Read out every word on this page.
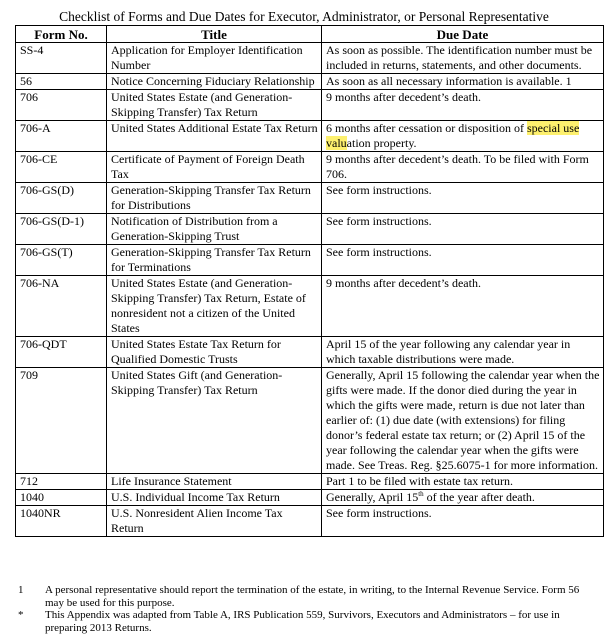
Checklist of Forms and Due Dates for Executor, Administrator, or Personal Representative
Form No.	Title	Due Date
SS-4	Application for Employer Identification Number	As soon as possible. The identification number must be included in returns, statements, and other documents.
56	Notice Concerning Fiduciary Relationship	As soon as all necessary information is available. 1
706	United States Estate (and Generation-Skipping Transfer) Tax Return	9 months after decedent’s death.
706-A	United States Additional Estate Tax Return	6 months after cessation or disposition of special use valuation property.
706-CE	Certificate of Payment of Foreign Death Tax	9 months after decedent’s death. To be filed with Form 706.
706-GS(D)	Generation-Skipping Transfer Tax Return for Distributions	See form instructions.
706-GS(D-1)	Notification of Distribution from a Generation-Skipping Trust	See form instructions.
706-GS(T)	Generation-Skipping Transfer Tax Return for Terminations	See form instructions.
706-NA	United States Estate (and Generation-Skipping Transfer) Tax Return, Estate of nonresident not a citizen of the United States	9 months after decedent’s death.
706-QDT	United States Estate Tax Return for Qualified Domestic Trusts	April 15 of the year following any calendar year in which taxable distributions were made.
709	United States Gift (and Generation-Skipping Transfer) Tax Return	Generally, April 15 following the calendar year when the gifts were made. If the donor died during the year in which the gifts were made, return is due not later than earlier of: (1) due date (with extensions) for filing donor’s federal estate tax return; or (2) April 15 of the year following the calendar year when the gifts were made. See Treas. Reg. §25.6075-1 for more information.
712	Life Insurance Statement	Part 1 to be filed with estate tax return.
1040	U.S. Individual Income Tax Return	Generally, April 15th of the year after death.
1040NR	U.S. Nonresident Alien Income Tax Return	See form instructions.
1	A personal representative should report the termination of the estate, in writing, to the Internal Revenue Service. Form 56 may be used for this purpose.
*	This Appendix was adapted from Table A, IRS Publication 559, Survivors, Executors and Administrators – for use in preparing 2013 Returns.
